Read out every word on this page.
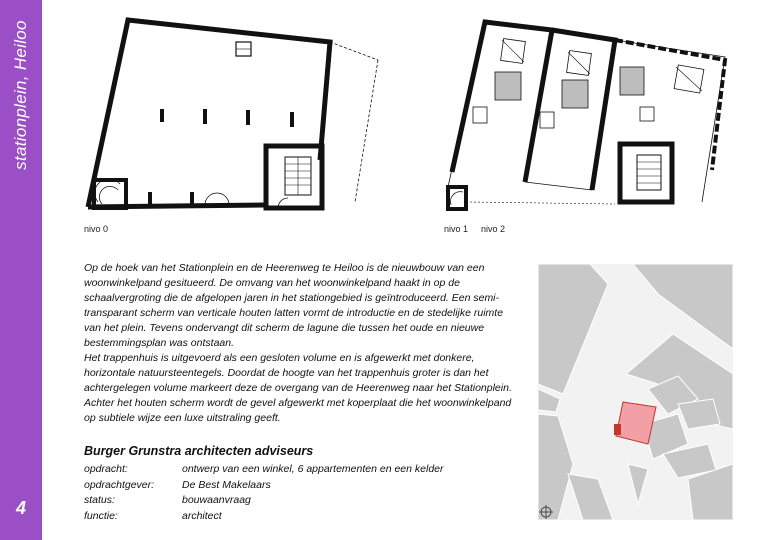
stationplein, Heiloo
4
nivo 0	nivo 1 nivo 2

Op de hoek van het Stationplein en de Heerenweg te Heiloo is de nieuwbouw van een woonwinkelpand gesitueerd. De omvang van het woonwinkelpand haakt in op de schaalvergroting die de afgelopen jaren in het stationgebied is geïntroduceerd. Een semi-transparant scherm van verticale houten latten vormt de introductie en de stedelijke ruimte van het plein. Tevens ondervangt dit scherm de lagune die tussen het oude en nieuwe bestemmingsplan was ontstaan.

Het trappenhuis is uitgevoerd als een gesloten volume en is afgewerkt met donkere, horizontale natuursteentegels. Doordat de hoogte van het trappenhuis groter is dan het achtergelegen volume markeert deze de overgang van de Heerenweg naar het Stationplein. Achter het houten scherm wordt de gevel afgewerkt met koperplaat die het woonwinkelpand op subtiele wijze een luxe uitstraling geeft.

Burger Grunstra architecten adviseurs
opdracht:	ontwerp van een winkel, 6 appartementen en een kelder
opdrachtgever:	De Best Makelaars
status:	bouwaanvraag
functie:	architect
